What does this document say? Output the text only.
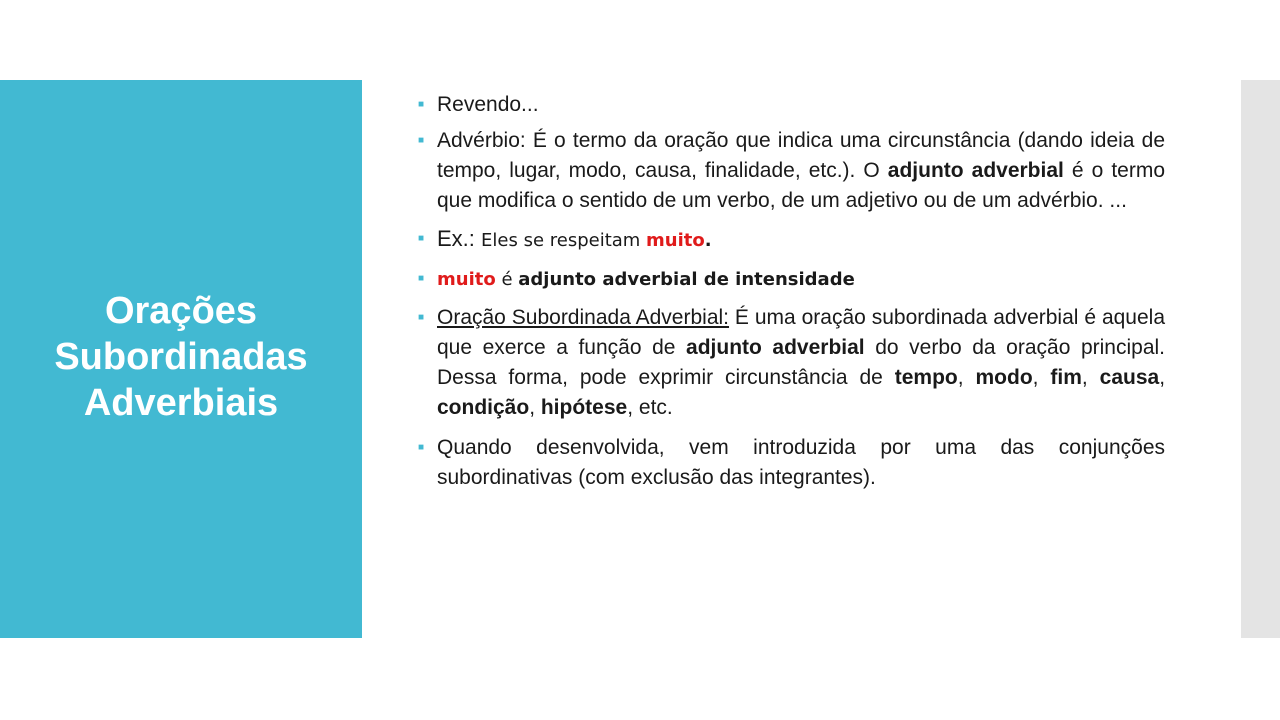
Orações
Subordinadas
Adverbiais
■ Revendo...
■ Advérbio: É o termo da oração que indica uma circunstância (dando ideia de tempo, lugar, modo, causa, finalidade, etc.). O adjunto adverbial é o termo que modifica o sentido de um verbo, de um adjetivo ou de um advérbio. ...
■ Ex.: Eles se respeitam muito.
■ muito é adjunto adverbial de intensidade
■ Oração Subordinada Adverbial: É uma oração subordinada adverbial é aquela que exerce a função de adjunto adverbial do verbo da oração principal. Dessa forma, pode exprimir circunstância de tempo, modo, fim, causa, condição, hipótese, etc.
■ Quando desenvolvida, vem introduzida por uma das conjunções subordinativas (com exclusão das integrantes).
